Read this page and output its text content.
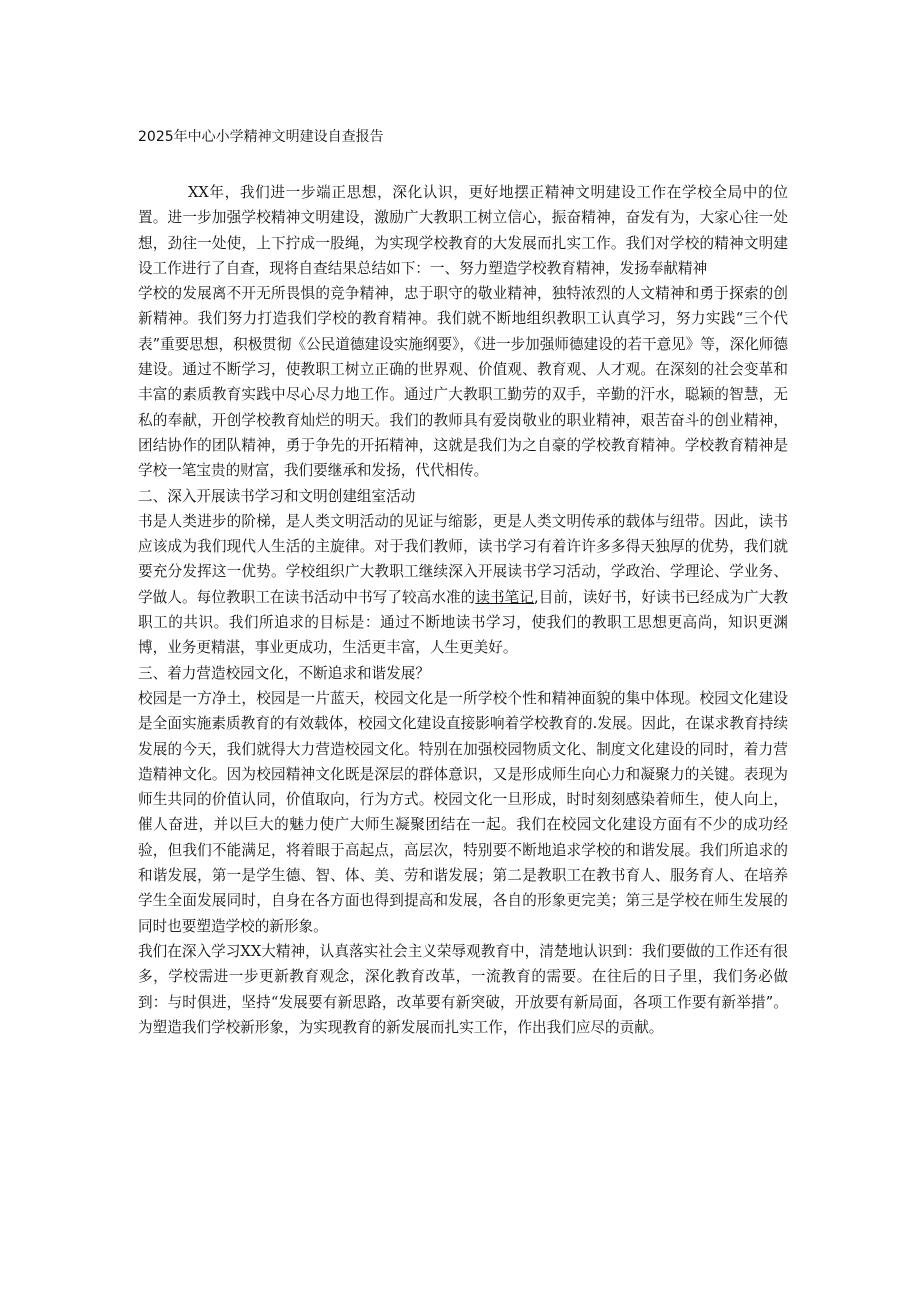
2025年中心小学精神文明建设自查报告

XX年，我们进一步端正思想，深化认识，更好地摆正精神文明建设工作在学校全局中的位置。进一步加强学校精神文明建设，激励广大教职工树立信心，振奋精神，奋发有为，大家心往一处想，劲往一处使，上下拧成一股绳，为实现学校教育的大发展而扎实工作。我们对学校的精神文明建设工作进行了自查，现将自查结果总结如下：一、努力塑造学校教育精神，发扬奉献精神

学校的发展离不开无所畏惧的竞争精神，忠于职守的敬业精神，独特浓烈的人文精神和勇于探索的创新精神。我们努力打造我们学校的教育精神。我们就不断地组织教职工认真学习，努力实践“三个代表”重要思想，积极贯彻《公民道德建设实施纲要》，《进一步加强师德建设的若干意见》等，深化师德建设。通过不断学习，使教职工树立正确的世界观、价值观、教育观、人才观。在深刻的社会变革和丰富的素质教育实践中尽心尽力地工作。通过广大教职工勤劳的双手，辛勤的汗水，聪颖的智慧，无私的奉献，开创学校教育灿烂的明天。我们的教师具有爱岗敬业的职业精神，艰苦奋斗的创业精神，团结协作的团队精神，勇于争先的开拓精神，这就是我们为之自豪的学校教育精神。学校教育精神是学校一笔宝贵的财富，我们要继承和发扬，代代相传。

二、深入开展读书学习和文明创建组室活动

书是人类进步的阶梯，是人类文明活动的见证与缩影，更是人类文明传承的载体与纽带。因此，读书应该成为我们现代人生活的主旋律。对于我们教师，读书学习有着许许多多得天独厚的优势，我们就要充分发挥这一优势。学校组织广大教职工继续深入开展读书学习活动，学政治、学理论、学业务、学做人。每位教职工在读书活动中书写了较高水准的读书笔记,目前，读好书，好读书已经成为广大教职工的共识。我们所追求的目标是：通过不断地读书学习，使我们的教职工思想更高尚，知识更渊博，业务更精湛，事业更成功，生活更丰富，人生更美好。

三、着力营造校园文化，不断追求和谐发展？

校园是一方净土，校园是一片蓝天，校园文化是一所学校个性和精神面貌的集中体现。校园文化建设是全面实施素质教育的有效载体，校园文化建设直接影响着学校教育的.发展。因此，在谋求教育持续发展的今天，我们就得大力营造校园文化。特别在加强校园物质文化、制度文化建设的同时，着力营造精神文化。因为校园精神文化既是深层的群体意识，又是形成师生向心力和凝聚力的关键。表现为师生共同的价值认同，价值取向，行为方式。校园文化一旦形成，时时刻刻感染着师生，使人向上，催人奋进，并以巨大的魅力使广大师生凝聚团结在一起。我们在校园文化建设方面有不少的成功经验，但我们不能满足，将着眼于高起点，高层次，特别要不断地追求学校的和谐发展。我们所追求的和谐发展，第一是学生德、智、体、美、劳和谐发展；第二是教职工在教书育人、服务育人、在培养学生全面发展同时，自身在各方面也得到提高和发展，各自的形象更完美；第三是学校在师生发展的同时也要塑造学校的新形象。

我们在深入学习XX大精神，认真落实社会主义荣辱观教育中，清楚地认识到：我们要做的工作还有很多，学校需进一步更新教育观念，深化教育改革，一流教育的需要。在往后的日子里，我们务必做到：与时俱进，坚持“发展要有新思路，改革要有新突破，开放要有新局面，各项工作要有新举措”。为塑造我们学校新形象，为实现教育的新发展而扎实工作，作出我们应尽的贡献。
